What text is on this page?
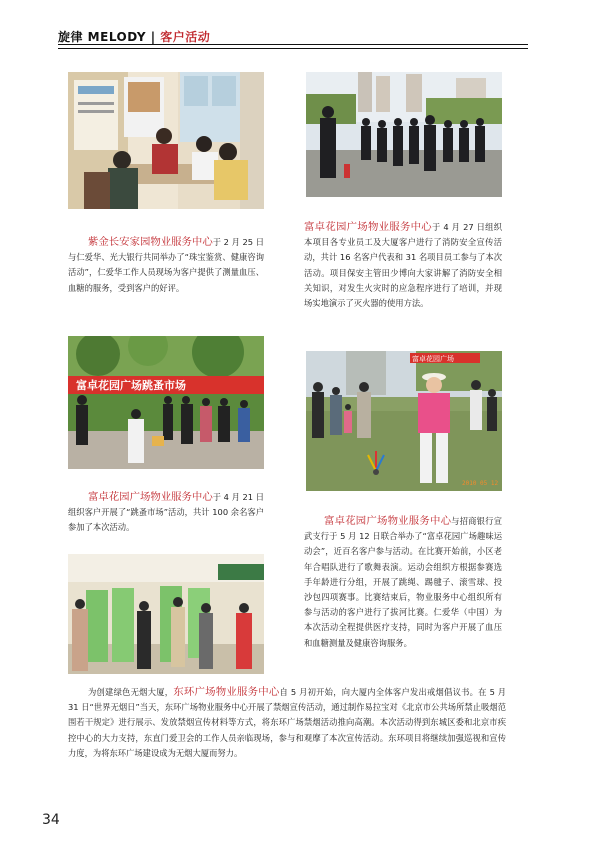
旋律 MELODY | 客户活动
富卓花园广场跳蚤市场
富卓花园广场
2010 05 12
紫金长安家园物业服务中心于 2 月 25 日与仁爱华、光大银行共同举办了“珠宝鉴赏、健康咨询活动”，仁爱华工作人员现场为客户提供了测量血压、血糖的服务，受到客户的好评。
富卓花园广场物业服务中心于 4 月 27 日组织本项目各专业员工及大厦客户进行了消防安全宣传活动，共计 16 名客户代表和 31 名项目员工参与了本次活动。项目保安主管田少博向大家讲解了消防安全相关知识，对发生火灾时的应急程序进行了培训，并现场实地演示了灭火器的使用方法。
富卓花园广场物业服务中心于 4 月 21 日组织客户开展了“跳蚤市场”活动，共计 100 余名客户参加了本次活动。
富卓花园广场物业服务中心与招商银行宣武支行于 5 月 12 日联合举办了“富卓花园广场趣味运动会”，近百名客户参与活动。在比赛开始前，小区老年合唱队进行了歌舞表演。运动会组织方根据参赛选手年龄进行分组，开展了跳绳、踢毽子、滚雪球、投沙包四项赛事。比赛结束后，物业服务中心组织所有参与活动的客户进行了拔河比赛。仁爱华（中国）为本次活动全程提供医疗支持，同时为客户开展了血压和血糖测量及健康咨询服务。
为创建绿色无烟大厦，东环广场物业服务中心自 5 月初开始，向大厦内全体客户发出戒烟倡议书。在 5 月 31 日“世界无烟日”当天，东环广场物业服务中心开展了禁烟宣传活动，通过制作易拉宝对《北京市公共场所禁止吸烟范围若干规定》进行展示、发放禁烟宣传材料等方式，将东环广场禁烟活动推向高潮。本次活动得到东城区委和北京市疾控中心的大力支持，东直门爱卫会的工作人员亲临现场，参与和观摩了本次宣传活动。东环项目将继续加强巡视和宣传力度，为将东环广场建设成为无烟大厦而努力。
34
